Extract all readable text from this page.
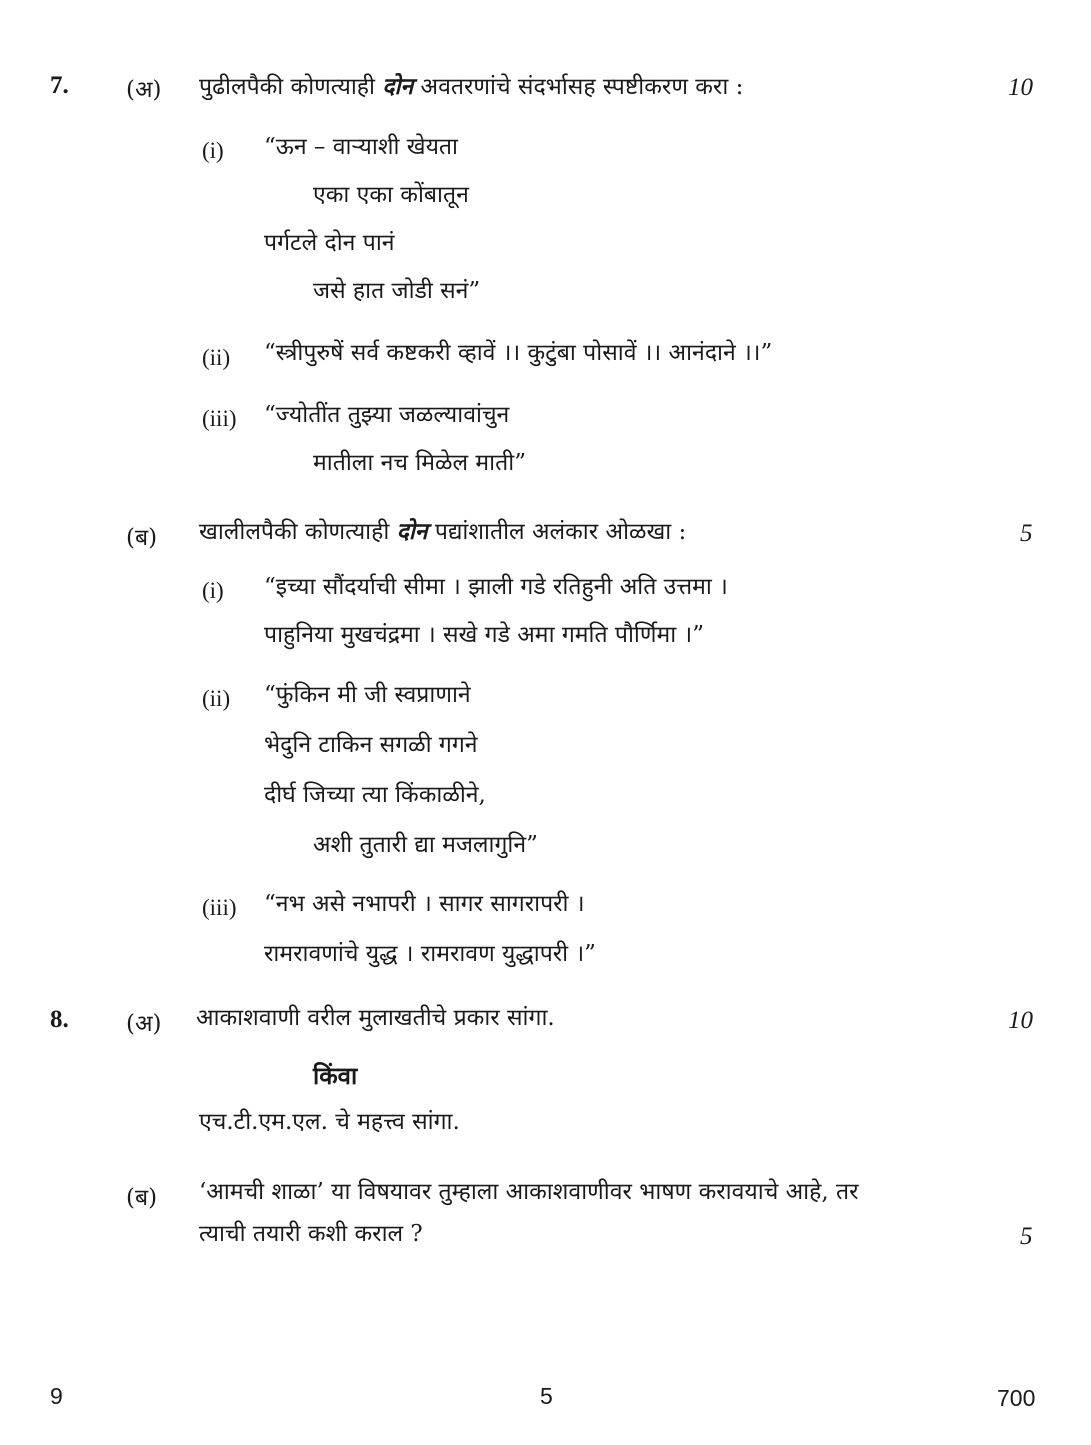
7. (अ) पुढीलपैकी कोणत्याही दोन अवतरणांचे संदर्भासह स्पष्टीकरण करा :	10
(i) “ऊन – वाऱ्याशी खेयता
एका एका कोंबातून
पर्गटले दोन पानं
जसे हात जोडी सनं”
(ii) “स्त्रीपुरुषें सर्व कष्टकरी व्हावें ।। कुटुंबा पोसावें ।। आनंदाने ।।”
(iii) “ज्योतींत तुझ्या जळल्यावांचुन
मातीला नच मिळेल माती”
(ब) खालीलपैकी कोणत्याही दोन पद्यांशातील अलंकार ओळखा :	5
(i) “इच्या सौंदर्याची सीमा । झाली गडे रतिहुनी अति उत्तमा ।
पाहुनिया मुखचंद्रमा । सखे गडे अमा गमति पौर्णिमा ।”
(ii) “फुंकिन मी जी स्वप्राणाने
भेदुनि टाकिन सगळी गगने
दीर्घ जिच्या त्या किंकाळीने,
अशी तुतारी द्या मजलागुनि”
(iii) “नभ असे नभापरी । सागर सागरापरी ।
रामरावणांचे युद्ध । रामरावण युद्धापरी ।”
8. (अ) आकाशवाणी वरील मुलाखतीचे प्रकार सांगा.	10
किंवा
एच.टी.एम.एल. चे महत्त्व सांगा.
(ब) ‘आमची शाळा’ या विषयावर तुम्हाला आकाशवाणीवर भाषण करावयाचे आहे, तर
त्याची तयारी कशी कराल ?	5
9	5	700
